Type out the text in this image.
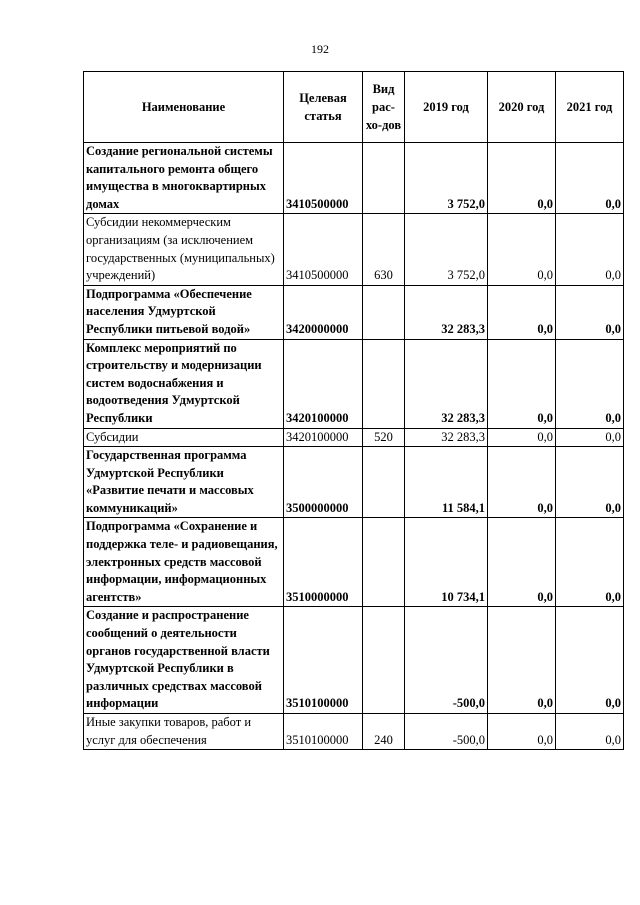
192
Наименование	Целевая статья	Вид рас-хо-дов	2019 год	2020 год	2021 год
Создание региональной системы капитального ремонта общего имущества в многоквартирных домах	3410500000		3 752,0	0,0	0,0
Субсидии некоммерческим организациям (за исключением государственных (муниципальных) учреждений)	3410500000	630	3 752,0	0,0	0,0
Подпрограмма «Обеспечение населения Удмуртской Республики питьевой водой»	3420000000		32 283,3	0,0	0,0
Комплекс мероприятий по строительству и модернизации систем водоснабжения и водоотведения Удмуртской Республики	3420100000		32 283,3	0,0	0,0
Субсидии	3420100000	520	32 283,3	0,0	0,0
Государственная программа Удмуртской Республики «Развитие печати и массовых коммуникаций»	3500000000		11 584,1	0,0	0,0
Подпрограмма «Сохранение и поддержка теле- и радиовещания, электронных средств массовой информации, информационных агентств»	3510000000		10 734,1	0,0	0,0
Создание и распространение сообщений о деятельности органов государственной власти Удмуртской Республики в различных средствах массовой информации	3510100000		-500,0	0,0	0,0
Иные закупки товаров, работ и услуг для обеспечения	3510100000	240	-500,0	0,0	0,0
